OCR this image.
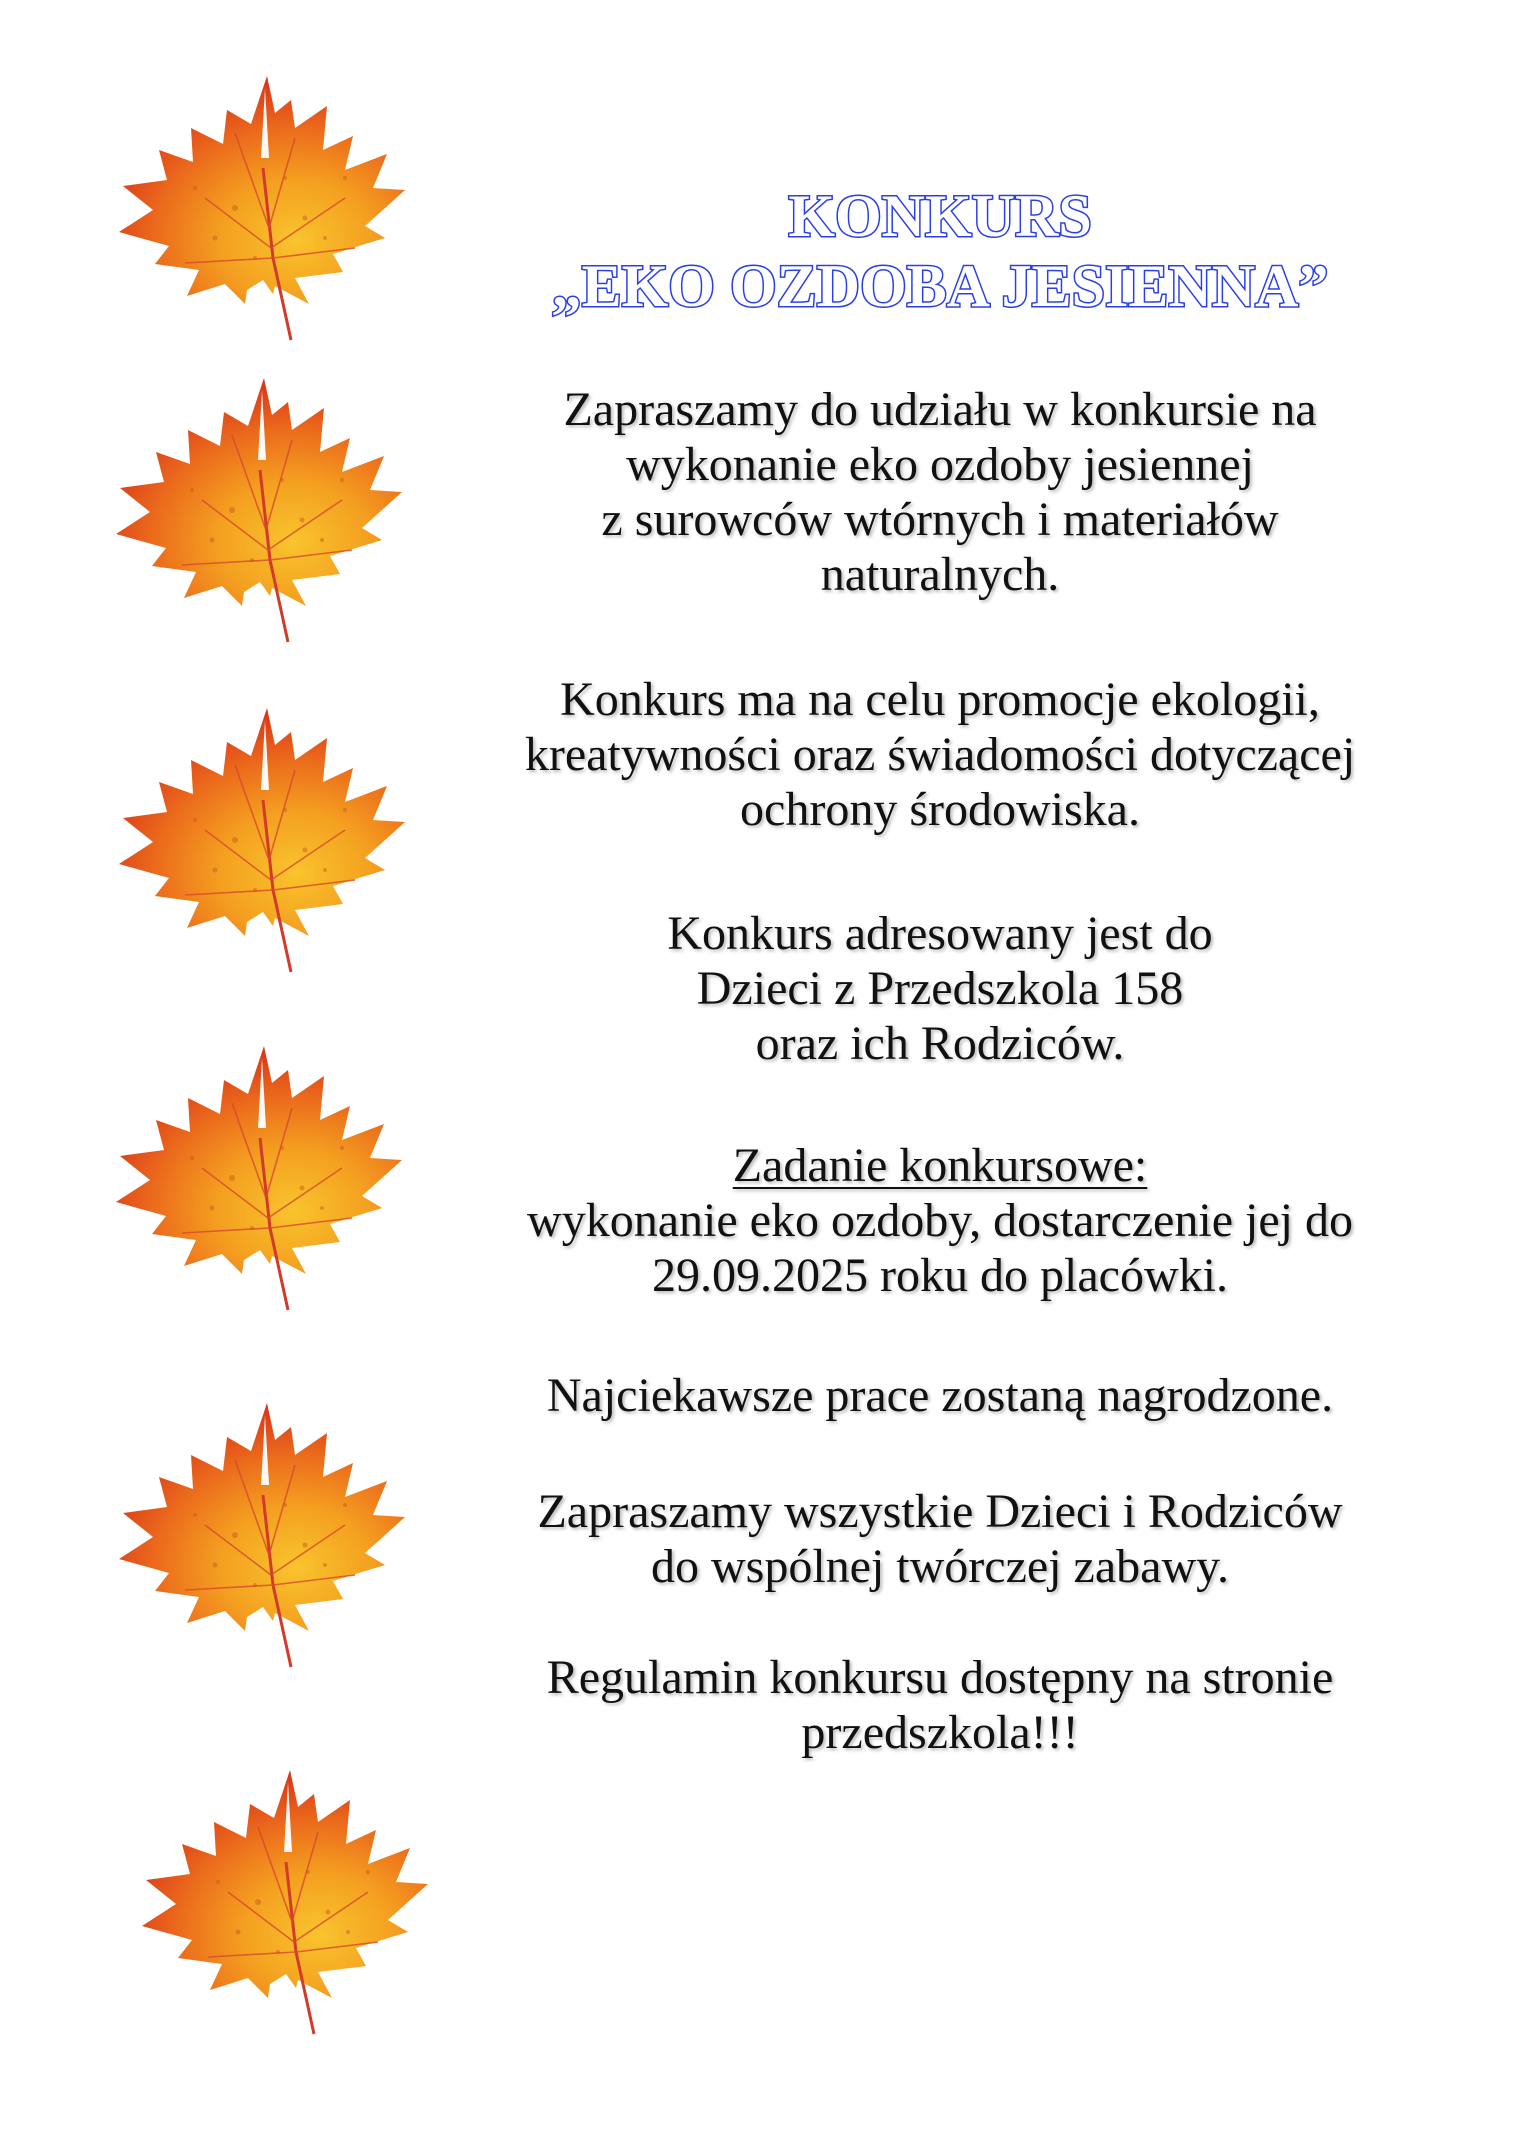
KONKURS
„EKO OZDOBA JESIENNA”
Zapraszamy do udziału w konkursie na
wykonanie eko ozdoby jesiennej
z surowców wtórnych i materiałów
naturalnych.
Konkurs ma na celu promocje ekologii,
kreatywności oraz świadomości dotyczącej
ochrony środowiska.
Konkurs adresowany jest do
Dzieci z Przedszkola 158
oraz ich Rodziców.
Zadanie konkursowe:
wykonanie eko ozdoby, dostarczenie jej do
29.09.2025 roku do placówki.
Najciekawsze prace zostaną nagrodzone.
Zapraszamy wszystkie Dzieci i Rodziców
do wspólnej twórczej zabawy.
Regulamin konkursu dostępny na stronie
przedszkola!!!
